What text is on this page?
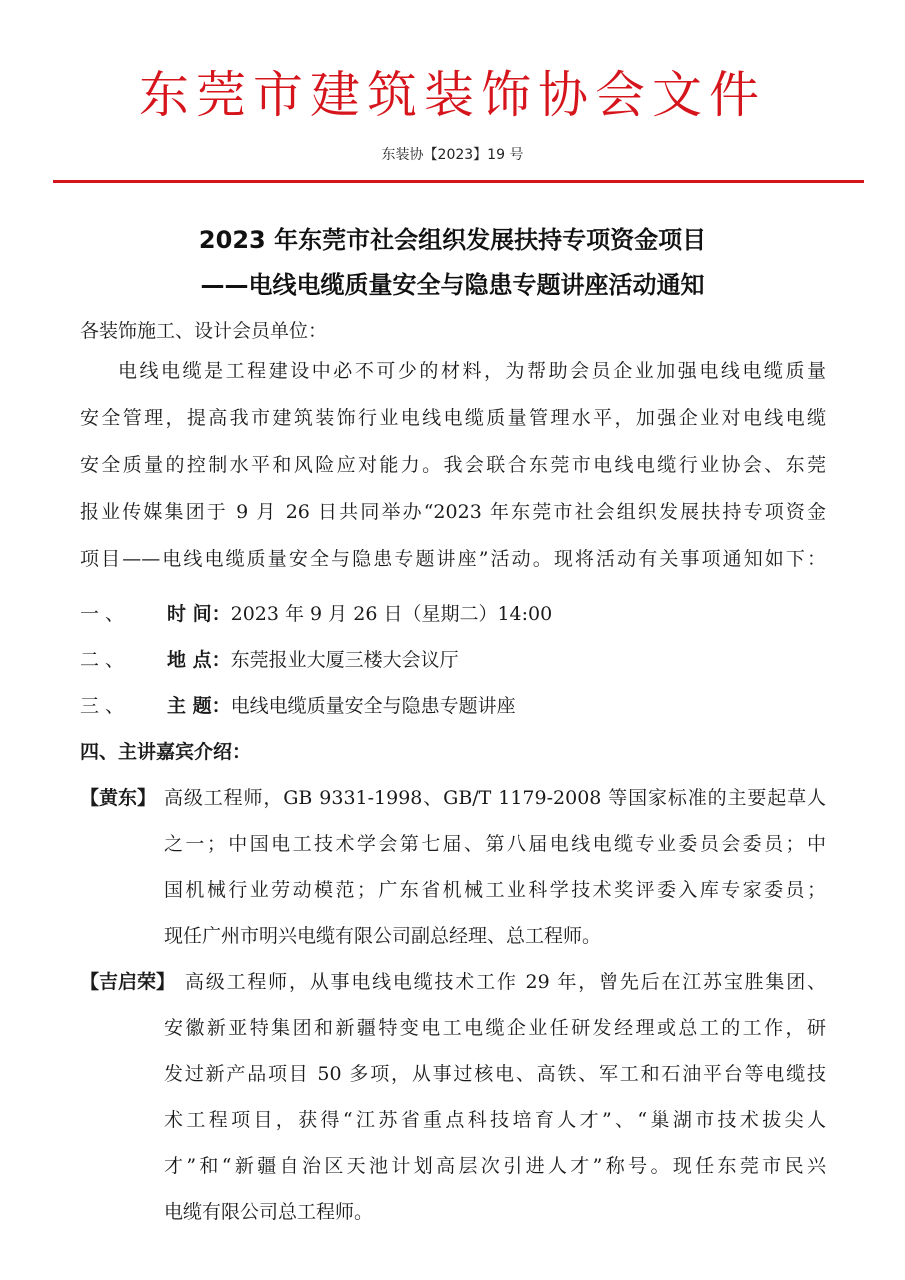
东莞市建筑装饰协会文件
东装协【2023】19 号
2023 年东莞市社会组织发展扶持专项资金项目
——电线电缆质量安全与隐患专题讲座活动通知
各装饰施工、设计会员单位：
电线电缆是工程建设中必不可少的材料，为帮助会员企业加强电线电缆质量
安全管理，提高我市建筑装饰行业电线电缆质量管理水平，加强企业对电线电缆
安全质量的控制水平和风险应对能力。我会联合东莞市电线电缆行业协会、东莞
报业传媒集团于 9 月 26 日共同举办“2023 年东莞市社会组织发展扶持专项资金
项目——电线电缆质量安全与隐患专题讲座”活动。现将活动有关事项通知如下：
一 、 时 间：2023 年 9 月 26 日（星期二）14:00
二 、 地 点：东莞报业大厦三楼大会议厅
三 、 主 题：电线电缆质量安全与隐患专题讲座
四、主讲嘉宾介绍：
【黄东】 高级工程师，GB 9331-1998、GB/T 1179-2008 等国家标准的主要起草人
之一；中国电工技术学会第七届、第八届电线电缆专业委员会委员；中
国机械行业劳动模范；广东省机械工业科学技术奖评委入库专家委员；
现任广州市明兴电缆有限公司副总经理、总工程师。
【吉启荣】 高级工程师，从事电线电缆技术工作 29 年，曾先后在江苏宝胜集团、
安徽新亚特集团和新疆特变电工电缆企业任研发经理或总工的工作，研
发过新产品项目 50 多项，从事过核电、高铁、军工和石油平台等电缆技
术工程项目，获得“江苏省重点科技培育人才”、“巢湖市技术拔尖人
才”和“新疆自治区天池计划高层次引进人才”称号。现任东莞市民兴
电缆有限公司总工程师。
